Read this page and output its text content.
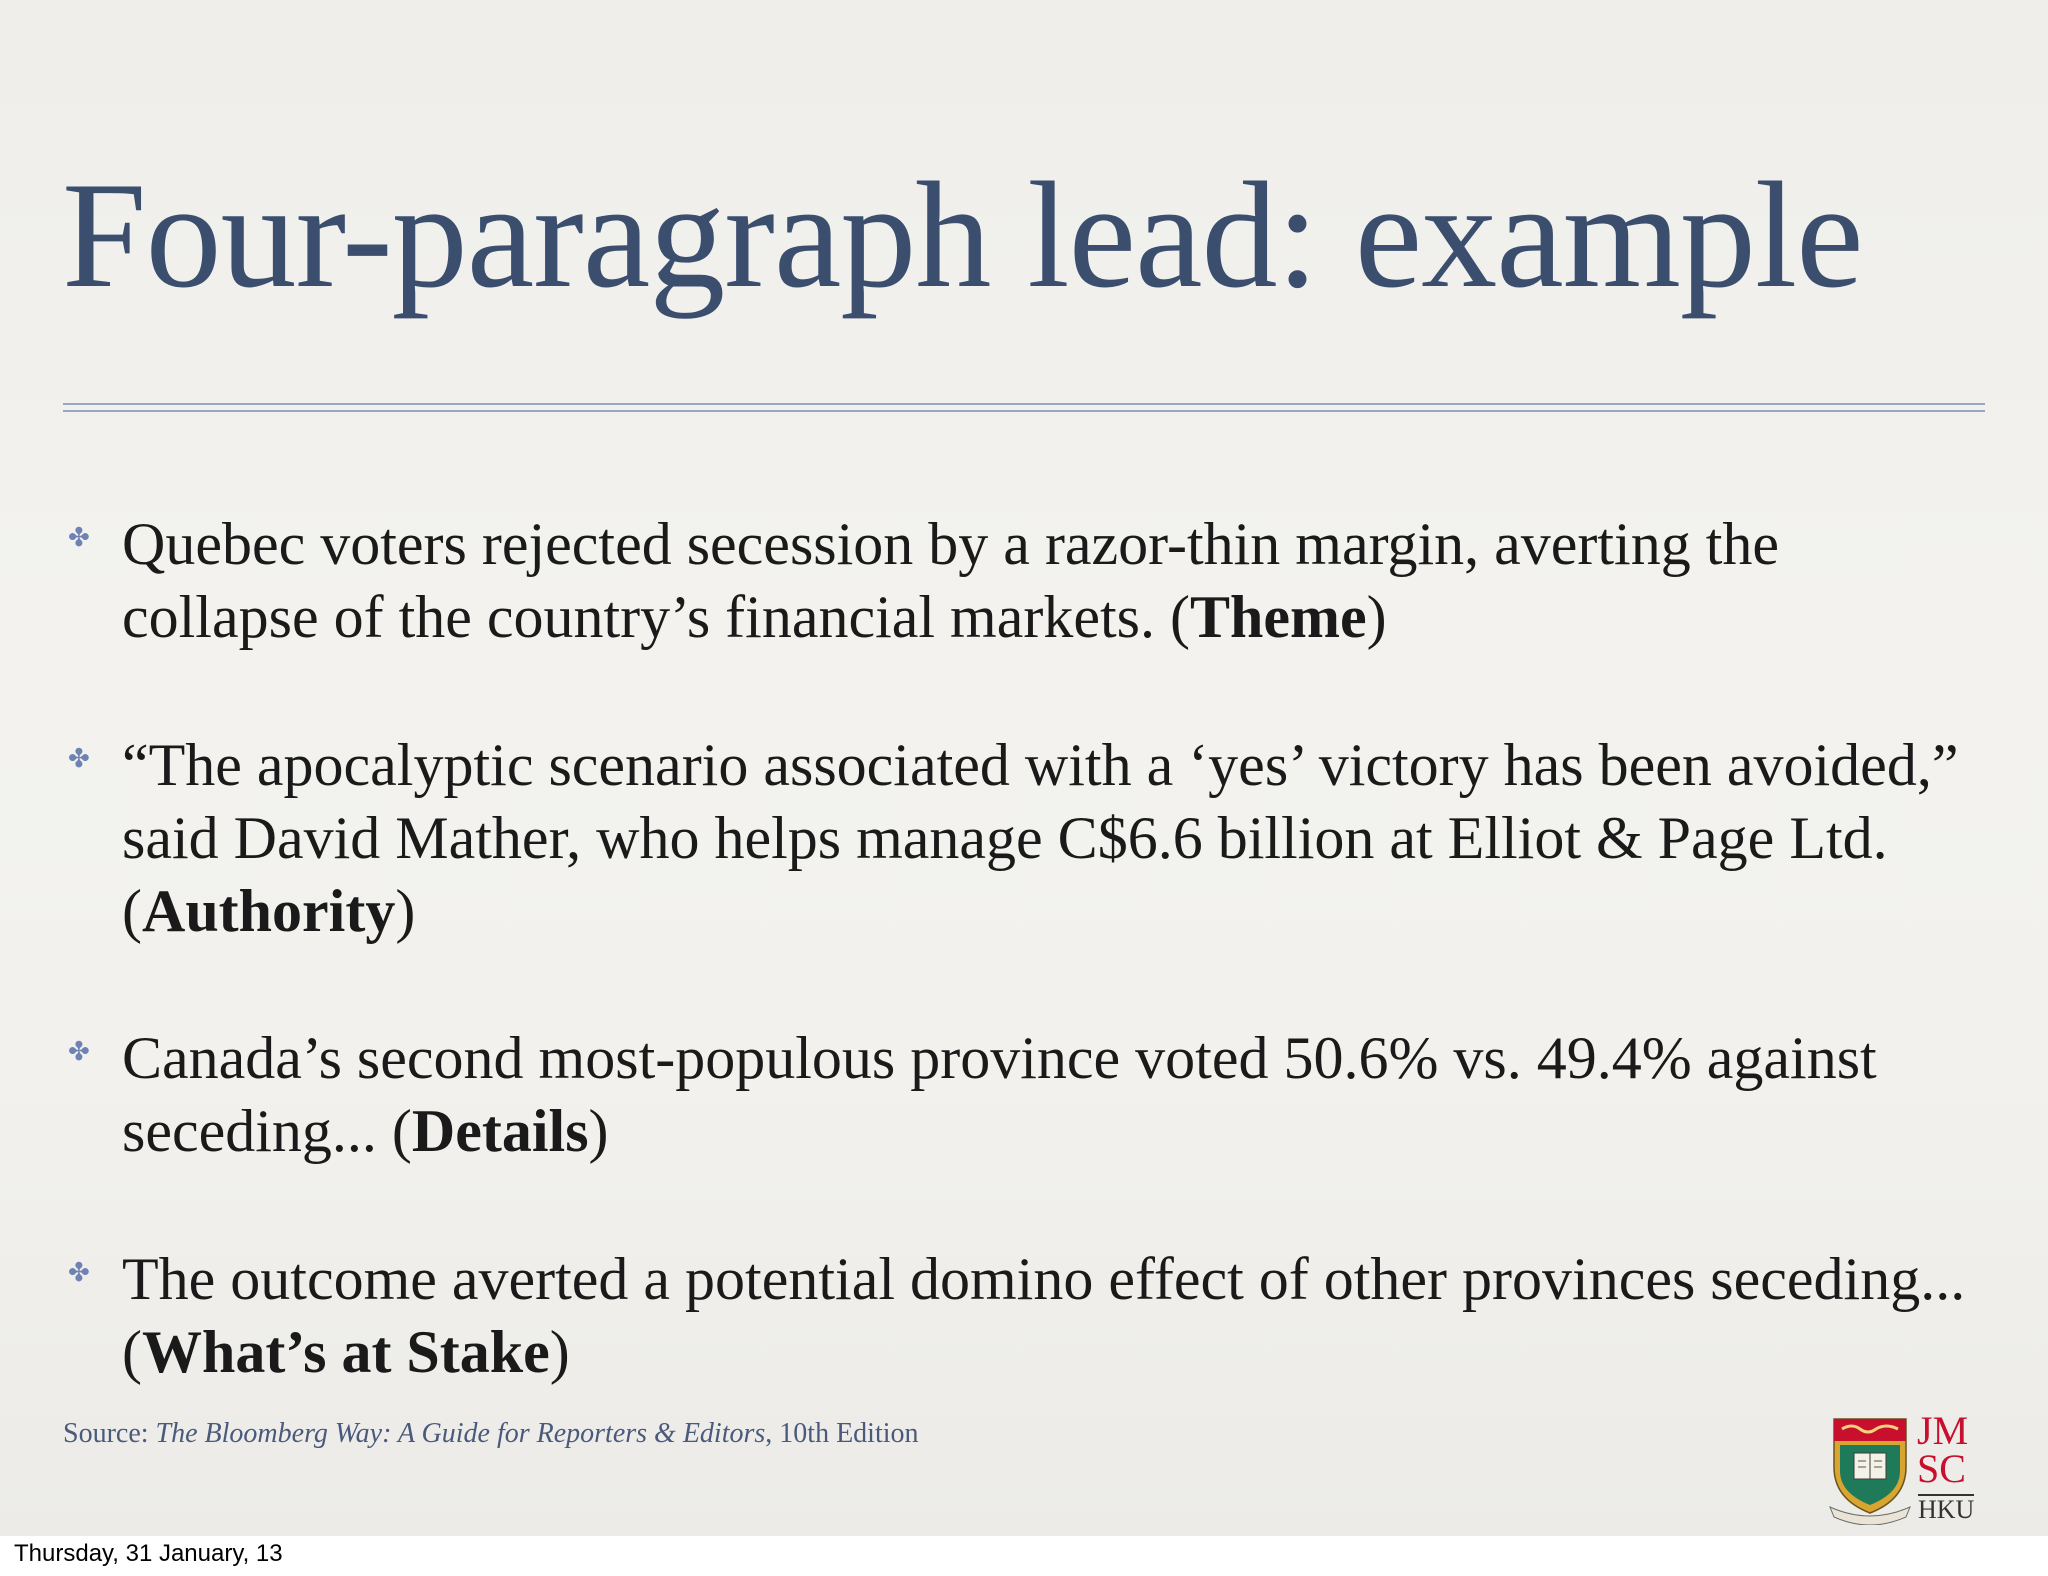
Four-paragraph lead: example
✤ Quebec voters rejected secession by a razor-thin margin, averting the collapse of the country’s financial markets. (Theme)

✤ “The apocalyptic scenario associated with a ‘yes’ victory has been avoided,” said David Mather, who helps manage C$6.6 billion at Elliot & Page Ltd. (Authority)

✤ Canada’s second most-populous province voted 50.6% vs. 49.4% against seceding... (Details)

✤ The outcome averted a potential domino effect of other provinces seceding... (What’s at Stake)

Source: The Bloomberg Way: A Guide for Reporters & Editors, 10th Edition	JM
SC
HKU
Thursday, 31 January, 13
